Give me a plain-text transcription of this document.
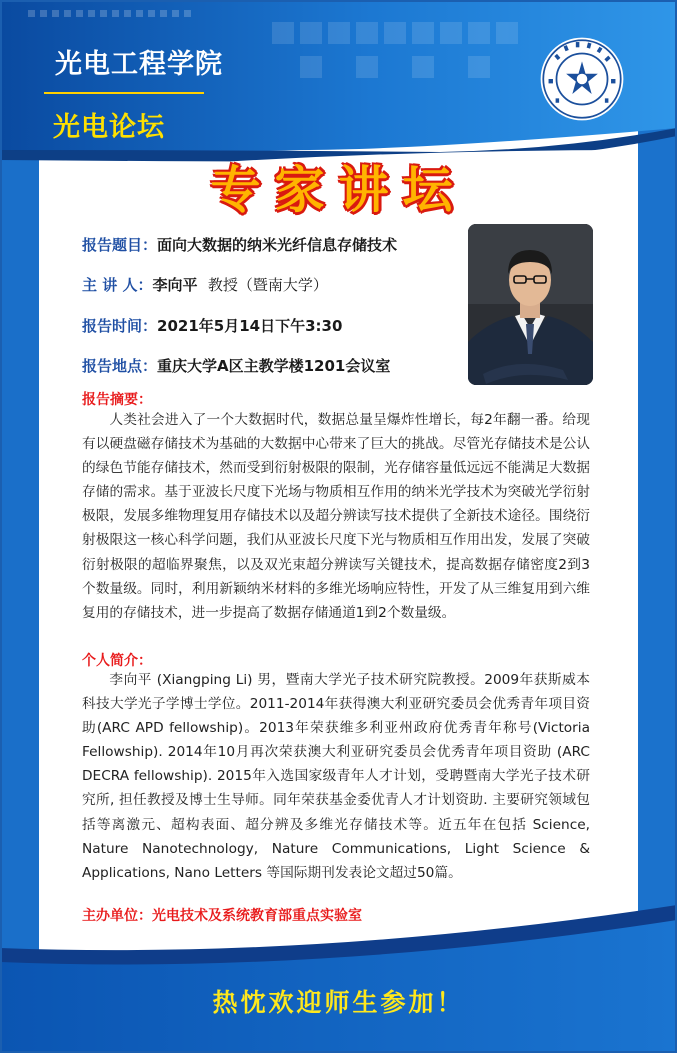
光电工程学院
光电论坛
专家讲坛
报告题目：面向大数据的纳米光纤信息存储技术
主 讲 人：李向平 教授（暨南大学）
报告时间：2021年5月14日下午3:30
报告地点：重庆大学A区主教学楼1201会议室
报告摘要：

人类社会进入了一个大数据时代，数据总量呈爆炸性增长，每2年翻一番。给现有以硬盘磁存储技术为基础的大数据中心带来了巨大的挑战。尽管光存储技术是公认的绿色节能存储技术，然而受到衍射极限的限制，光存储容量低远远不能满足大数据存储的需求。基于亚波长尺度下光场与物质相互作用的纳米光学技术为突破光学衍射极限，发展多维物理复用存储技术以及超分辨读写技术提供了全新技术途径。围绕衍射极限这一核心科学问题，我们从亚波长尺度下光与物质相互作用出发，发展了突破衍射极限的超临界聚焦，以及双光束超分辨读写关键技术，提高数据存储密度2到3个数量级。同时，利用新颖纳米材料的多维光场响应特性，开发了从三维复用到六维复用的存储技术，进一步提高了数据存储通道1到2个数量级。

个人简介：

李向平 (Xiangping Li) 男，暨南大学光子技术研究院教授。2009年获斯威本科技大学光子学博士学位。2011-2014年获得澳大利亚研究委员会优秀青年项目资助(ARC APD fellowship)。2013年荣获维多利亚州政府优秀青年称号(Victoria Fellowship). 2014年10月再次荣获澳大利亚研究委员会优秀青年项目资助 (ARC DECRA fellowship). 2015年入选国家级青年人才计划，受聘暨南大学光子技术研究所, 担任教授及博士生导师。同年荣获基金委优青人才计划资助. 主要研究领域包括等离激元、超构表面、超分辨及多维光存储技术等。近五年在包括 Science, Nature Nanotechnology, Nature Communications, Light Science & Applications, Nano Letters 等国际期刊发表论文超过50篇。

主办单位：光电技术及系统教育部重点实验室
热忱欢迎师生参加！
